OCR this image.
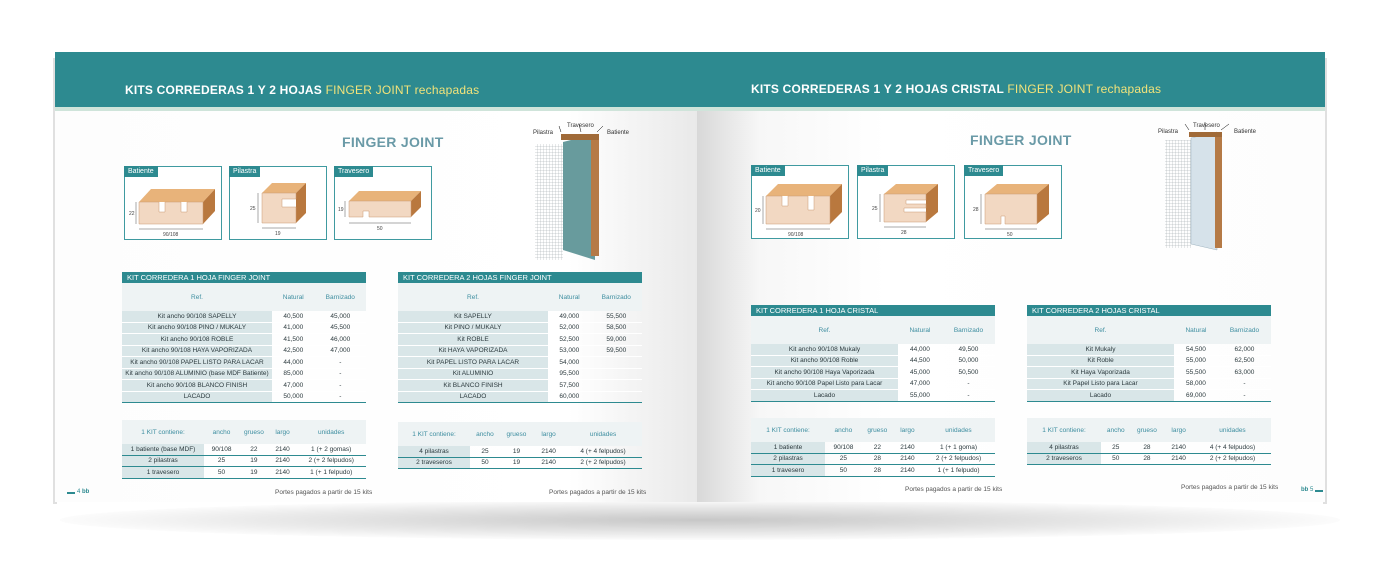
KITS CORREDERAS 1 Y 2 HOJAS FINGER JOINT rechapadas
FINGER JOINT
Batiente
22
90/108
Pilastra
25
19
Travesero
19
50
Pilastra
Travesero
Batiente
KIT CORREDERA 1 HOJA FINGER JOINT
Ref.	Natural	Barnizado
Kit ancho 90/108 SAPELLY	40,500	45,000
Kit ancho 90/108 PINO / MUKALY	41,000	45,500
Kit ancho 90/108 ROBLE	41,500	46,000
Kit ancho 90/108 HAYA VAPORIZADA	42,500	47,000
Kit ancho 90/108 PAPEL LISTO PARA LACAR	44,000	-
Kit ancho 90/108 ALUMINIO (base MDF Batiente)	85,000	-
Kit ancho 90/108 BLANCO FINISH	47,000	-
LACADO	50,000	-
KIT CORREDERA 2 HOJAS FINGER JOINT
Ref.	Natural	Barnizado
Kit SAPELLY	49,000	55,500
Kit PINO / MUKALY	52,000	58,500
Kit ROBLE	52,500	59,000
Kit HAYA VAPORIZADA	53,000	59,500
Kit PAPEL LISTO PARA LACAR	54,000	
Kit ALUMINIO	95,500	
Kit BLANCO FINISH	57,500	
LACADO	60,000	
1 KIT contiene:	ancho	grueso	largo	unidades
1 batiente (base MDF)	90/108	22	2140	1 (+ 2 gomas)
2 pilastras	25	19	2140	2 (+ 2 felpudos)
1 travesero	50	19	2140	1 (+ 1 felpudo)
1 KIT contiene:	ancho	grueso	largo	unidades
4 pilastras	25	19	2140	4 (+ 4 felpudos)
2 traveseros	50	19	2140	2 (+ 2 felpudos)
Portes pagados a partir de 15 kits	Portes pagados a partir de 15 kits
4 bb
KITS CORREDERAS 1 Y 2 HOJAS CRISTAL FINGER JOINT rechapadas
FINGER JOINT
Batiente
20
90/108
Pilastra
25
28
Travesero
28
50
Pilastra
Travesero
Batiente
KIT CORREDERA 1 HOJA CRISTAL
Ref.	Natural	Barnizado
Kit ancho 90/108 Mukaly	44,000	49,500
Kit ancho 90/108 Roble	44,500	50,000
Kit ancho 90/108 Haya Vaporizada	45,000	50,500
Kit ancho 90/108 Papel Listo para Lacar	47,000	-
Lacado	55,000	-
KIT CORREDERA 2 HOJAS CRISTAL
Ref.	Natural	Barnizado
Kit Mukaly	54,500	62,000
Kit Roble	55,000	62,500
Kit Haya Vaporizada	55,500	63,000
Kit Papel Listo para Lacar	58,000	-
Lacado	69,000	-
1 KIT contiene:	ancho	grueso	largo	unidades
1 batiente	90/108	22	2140	1 (+ 1 goma)
2 pilastras	25	28	2140	2 (+ 2 felpudos)
1 travesero	50	28	2140	1 (+ 1 felpudo)
1 KIT contiene:	ancho	grueso	largo	unidades
4 pilastras	25	28	2140	4 (+ 4 felpudos)
2 traveseros	50	28	2140	2 (+ 2 felpudos)
Portes pagados a partir de 15 kits	Portes pagados a partir de 15 kits	bb 5
